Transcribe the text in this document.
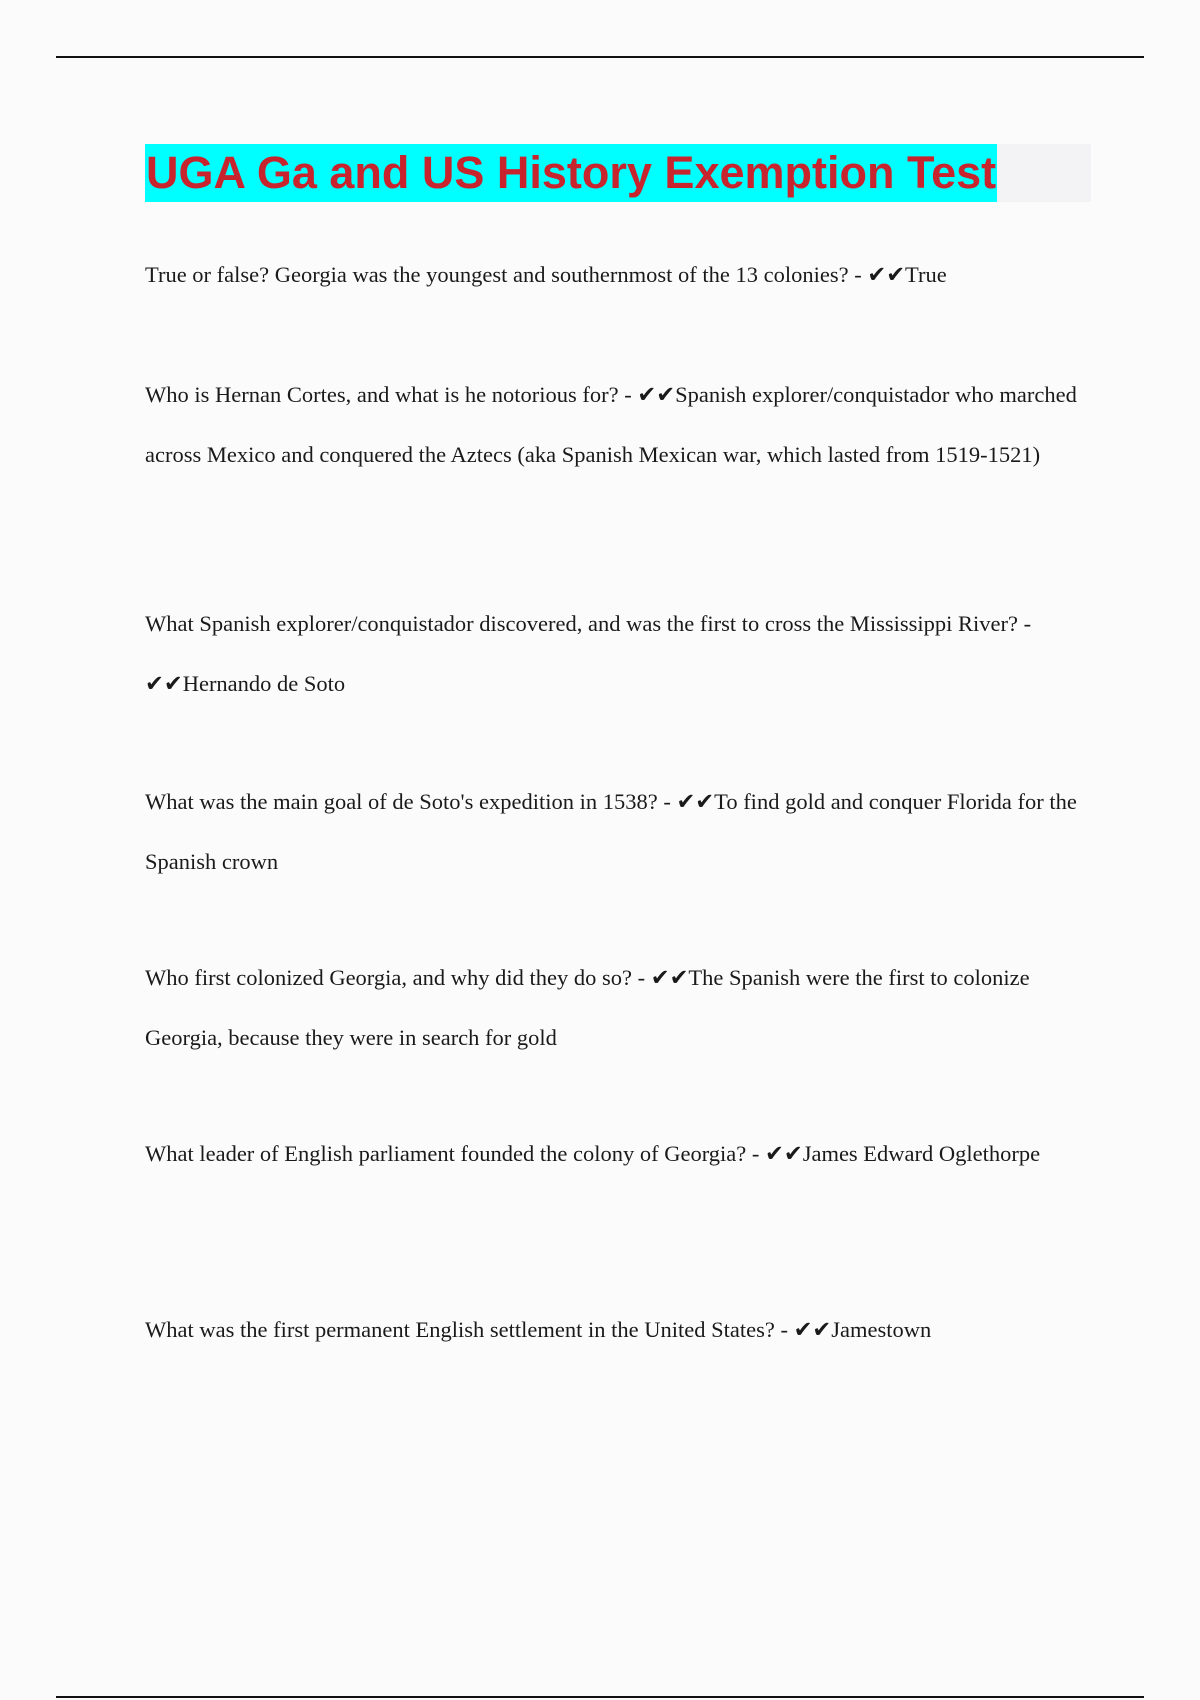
UGA Ga and US History Exemption Test

True or false? Georgia was the youngest and southernmost of the 13 colonies? - ✔✔True

Who is Hernan Cortes, and what is he notorious for? - ✔✔Spanish explorer/conquistador who marched across Mexico and conquered the Aztecs (aka Spanish Mexican war, which lasted from 1519-1521)

What Spanish explorer/conquistador discovered, and was the first to cross the Mississippi River? - ✔✔Hernando de Soto

What was the main goal of de Soto's expedition in 1538? - ✔✔To find gold and conquer Florida for the Spanish crown

Who first colonized Georgia, and why did they do so? - ✔✔The Spanish were the first to colonize Georgia, because they were in search for gold

What leader of English parliament founded the colony of Georgia? - ✔✔James Edward Oglethorpe

What was the first permanent English settlement in the United States? - ✔✔Jamestown
